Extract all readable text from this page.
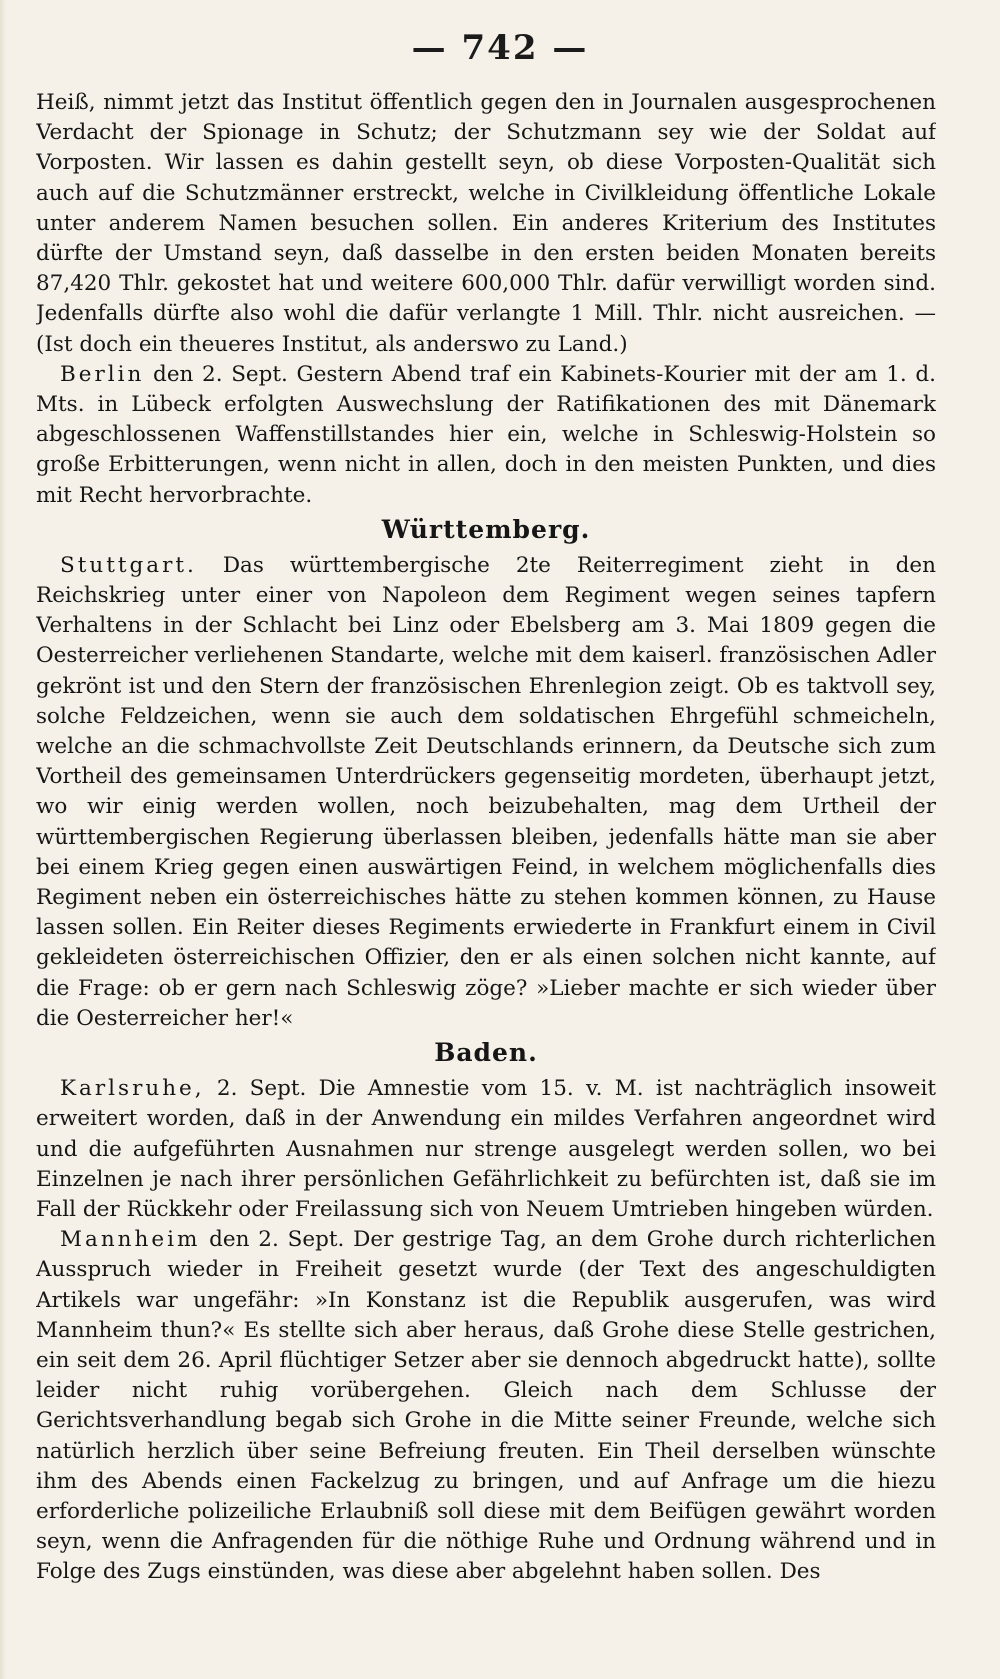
— 742 —

Heiß, nimmt jetzt das Institut öffentlich gegen den in Journalen ausgesprochenen Verdacht der Spionage in Schutz; der Schutzmann sey wie der Soldat auf Vorposten. Wir lassen es dahin gestellt seyn, ob diese Vorposten-Qualität sich auch auf die Schutzmänner erstreckt, welche in Civilkleidung öffentliche Lokale unter anderem Namen besuchen sollen. Ein anderes Kriterium des Institutes dürfte der Umstand seyn, daß dasselbe in den ersten beiden Monaten bereits 87,420 Thlr. gekostet hat und weitere 600,000 Thlr. dafür verwilligt worden sind. Jedenfalls dürfte also wohl die dafür verlangte 1 Mill. Thlr. nicht ausreichen. — (Ist doch ein theueres Institut, als anderswo zu Land.)

Berlin den 2. Sept. Gestern Abend traf ein Kabinets-Kourier mit der am 1. d. Mts. in Lübeck erfolgten Auswechslung der Ratifikationen des mit Dänemark abgeschlossenen Waffenstillstandes hier ein, welche in Schleswig-Holstein so große Erbitterungen, wenn nicht in allen, doch in den meisten Punkten, und dies mit Recht hervorbrachte.

Württemberg.

Stuttgart. Das württembergische 2te Reiterregiment zieht in den Reichskrieg unter einer von Napoleon dem Regiment wegen seines tapfern Verhaltens in der Schlacht bei Linz oder Ebelsberg am 3. Mai 1809 gegen die Oesterreicher verliehenen Standarte, welche mit dem kaiserl. französischen Adler gekrönt ist und den Stern der französischen Ehrenlegion zeigt. Ob es taktvoll sey, solche Feldzeichen, wenn sie auch dem soldatischen Ehrgefühl schmeicheln, welche an die schmachvollste Zeit Deutschlands erinnern, da Deutsche sich zum Vortheil des gemeinsamen Unterdrückers gegenseitig mordeten, überhaupt jetzt, wo wir einig werden wollen, noch beizubehalten, mag dem Urtheil der württembergischen Regierung überlassen bleiben, jedenfalls hätte man sie aber bei einem Krieg gegen einen auswärtigen Feind, in welchem möglichenfalls dies Regiment neben ein österreichisches hätte zu stehen kommen können, zu Hause lassen sollen. Ein Reiter dieses Regiments erwiederte in Frankfurt einem in Civil gekleideten österreichischen Offizier, den er als einen solchen nicht kannte, auf die Frage: ob er gern nach Schleswig zöge? »Lieber machte er sich wieder über die Oesterreicher her!«

Baden.

Karlsruhe, 2. Sept. Die Amnestie vom 15. v. M. ist nachträglich insoweit erweitert worden, daß in der Anwendung ein mildes Verfahren angeordnet wird und die aufgeführten Ausnahmen nur strenge ausgelegt werden sollen, wo bei Einzelnen je nach ihrer persönlichen Gefährlichkeit zu befürchten ist, daß sie im Fall der Rückkehr oder Freilassung sich von Neuem Umtrieben hingeben würden.

Mannheim den 2. Sept. Der gestrige Tag, an dem Grohe durch richterlichen Ausspruch wieder in Freiheit gesetzt wurde (der Text des angeschuldigten Artikels war ungefähr: »In Konstanz ist die Republik ausgerufen, was wird Mannheim thun?« Es stellte sich aber heraus, daß Grohe diese Stelle gestrichen, ein seit dem 26. April flüchtiger Setzer aber sie dennoch abgedruckt hatte), sollte leider nicht ruhig vorübergehen. Gleich nach dem Schlusse der Gerichtsverhandlung begab sich Grohe in die Mitte seiner Freunde, welche sich natürlich herzlich über seine Befreiung freuten. Ein Theil derselben wünschte ihm des Abends einen Fackelzug zu bringen, und auf Anfrage um die hiezu erforderliche polizeiliche Erlaubniß soll diese mit dem Beifügen gewährt worden seyn, wenn die Anfragenden für die nöthige Ruhe und Ordnung während und in Folge des Zugs einstünden, was diese aber abgelehnt haben sollen. Des
